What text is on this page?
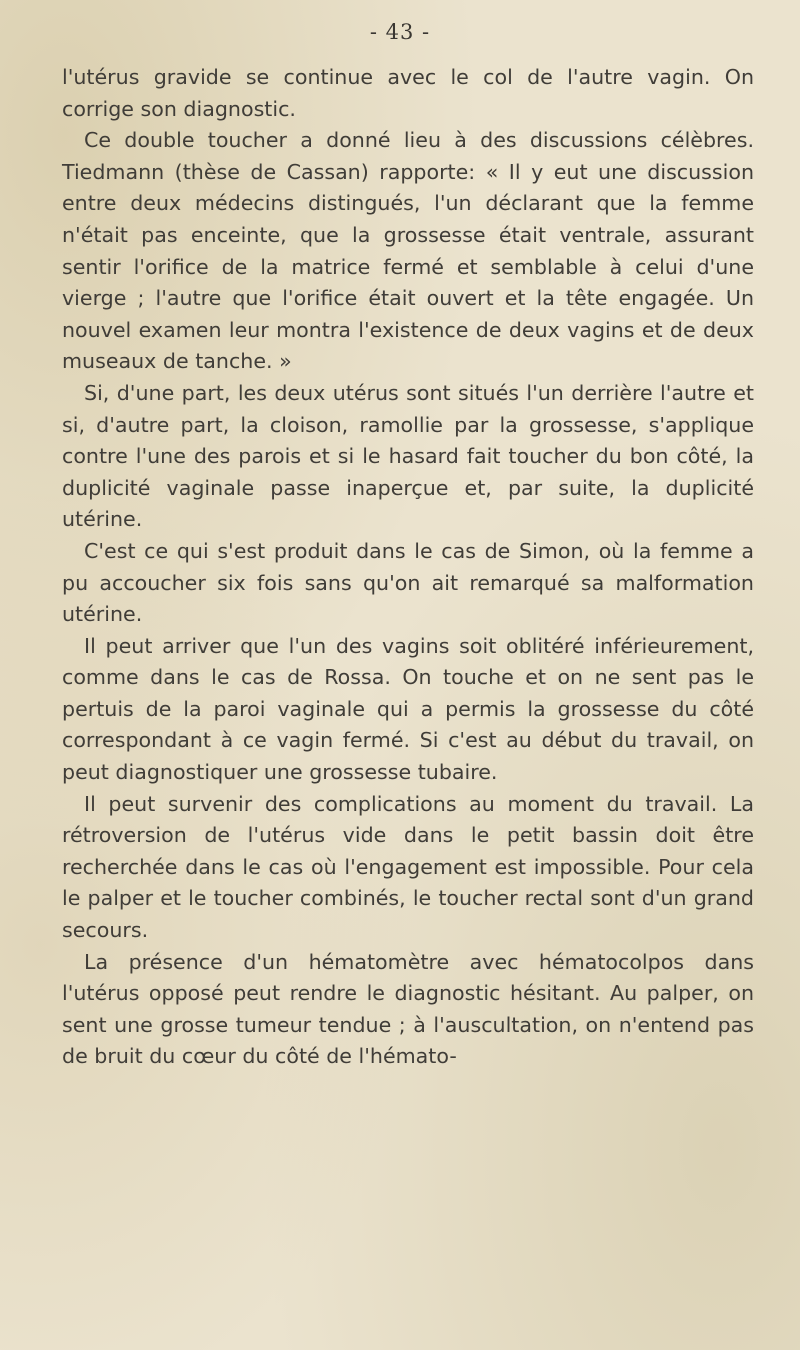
- 43 -

l'utérus gravide se continue avec le col de l'autre vagin. On corrige son diagnostic.

Ce double toucher a donné lieu à des discussions célèbres. Tiedmann (thèse de Cassan) rapporte: « Il y eut une discussion entre deux médecins distingués, l'un déclarant que la femme n'était pas enceinte, que la grossesse était ventrale, assurant sentir l'orifice de la matrice fermé et semblable à celui d'une vierge ; l'autre que l'orifice était ouvert et la tête engagée. Un nouvel examen leur montra l'existence de deux vagins et de deux museaux de tanche. »

Si, d'une part, les deux utérus sont situés l'un derrière l'autre et si, d'autre part, la cloison, ramollie par la grossesse, s'applique contre l'une des parois et si le hasard fait toucher du bon côté, la duplicité vaginale passe inaperçue et, par suite, la duplicité utérine.

C'est ce qui s'est produit dans le cas de Simon, où la femme a pu accoucher six fois sans qu'on ait remarqué sa malformation utérine.

Il peut arriver que l'un des vagins soit oblitéré inférieurement, comme dans le cas de Rossa. On touche et on ne sent pas le pertuis de la paroi vaginale qui a permis la grossesse du côté correspondant à ce vagin fermé. Si c'est au début du travail, on peut diagnostiquer une grossesse tubaire.

Il peut survenir des complications au moment du travail. La rétroversion de l'utérus vide dans le petit bassin doit être recherchée dans le cas où l'engagement est impossible. Pour cela le palper et le toucher combinés, le toucher rectal sont d'un grand secours.

La présence d'un hématomètre avec hématocolpos dans l'utérus opposé peut rendre le diagnostic hésitant. Au palper, on sent une grosse tumeur tendue ; à l'auscultation, on n'entend pas de bruit du cœur du côté de l'hémato-
